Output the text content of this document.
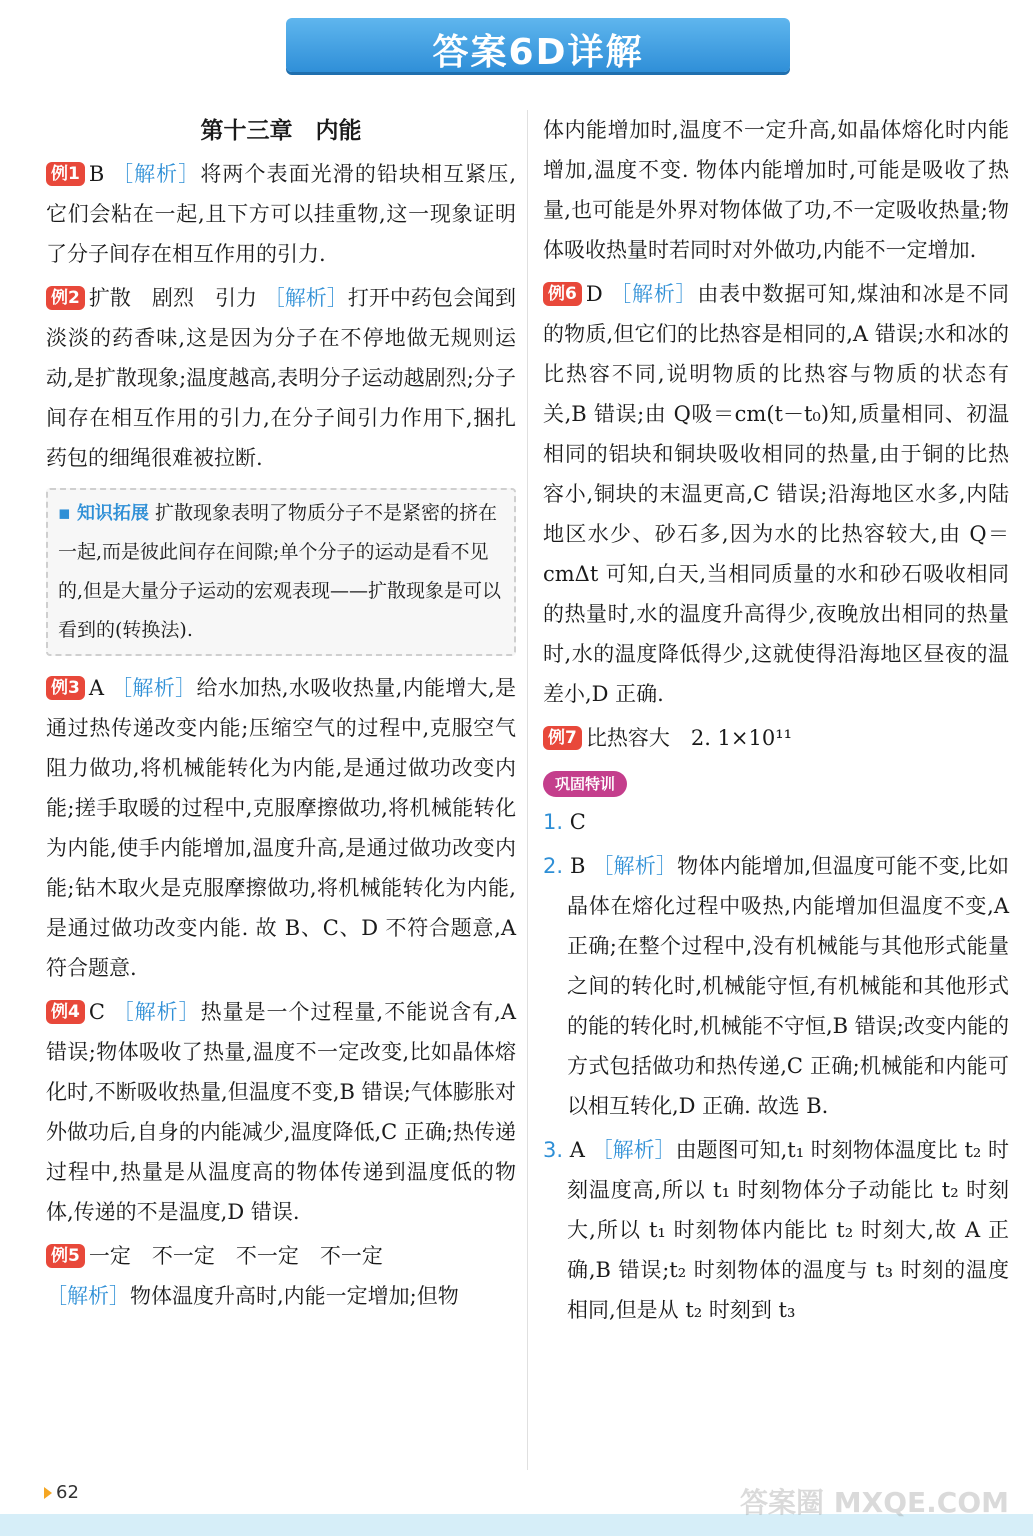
答案6D详解
第十三章　内能

例1 B ［解析］将两个表面光滑的铅块相互紧压,它们会粘在一起,且下方可以挂重物,这一现象证明了分子间存在相互作用的引力.

例2 扩散　剧烈　引力 ［解析］打开中药包会闻到淡淡的药香味,这是因为分子在不停地做无规则运动,是扩散现象;温度越高,表明分子运动越剧烈;分子间存在相互作用的引力,在分子间引力作用下,捆扎药包的细绳很难被拉断.

▪ 知识拓展 扩散现象表明了物质分子不是紧密的挤在一起,而是彼此间存在间隙;单个分子的运动是看不见的,但是大量分子运动的宏观表现——扩散现象是可以看到的(转换法).

例3 A ［解析］给水加热,水吸收热量,内能增大,是通过热传递改变内能;压缩空气的过程中,克服空气阻力做功,将机械能转化为内能,是通过做功改变内能;搓手取暖的过程中,克服摩擦做功,将机械能转化为内能,使手内能增加,温度升高,是通过做功改变内能;钻木取火是克服摩擦做功,将机械能转化为内能,是通过做功改变内能. 故 B、C、D 不符合题意,A 符合题意.

例4 C ［解析］热量是一个过程量,不能说含有,A 错误;物体吸收了热量,温度不一定改变,比如晶体熔化时,不断吸收热量,但温度不变,B 错误;气体膨胀对外做功后,自身的内能减少,温度降低,C 正确;热传递过程中,热量是从温度高的物体传递到温度低的物体,传递的不是温度,D 错误.

例5 一定　不一定　不一定　不一定
［解析］物体温度升高时,内能一定增加;但物

体内能增加时,温度不一定升高,如晶体熔化时内能增加,温度不变. 物体内能增加时,可能是吸收了热量,也可能是外界对物体做了功,不一定吸收热量;物体吸收热量时若同时对外做功,内能不一定增加.

例6 D ［解析］由表中数据可知,煤油和冰是不同的物质,但它们的比热容是相同的,A 错误;水和冰的比热容不同,说明物质的比热容与物质的状态有关,B 错误;由 Q吸＝cm(t－t₀)知,质量相同、初温相同的铝块和铜块吸收相同的热量,由于铜的比热容小,铜块的末温更高,C 错误;沿海地区水多,内陆地区水少、砂石多,因为水的比热容较大,由 Q＝cmΔt 可知,白天,当相同质量的水和砂石吸收相同的热量时,水的温度升高得少,夜晚放出相同的热量时,水的温度降低得少,这就使得沿海地区昼夜的温差小,D 正确.

例7 比热容大　2. 1×10¹¹

巩固特训

1. C

2. B ［解析］物体内能增加,但温度可能不变,比如晶体在熔化过程中吸热,内能增加但温度不变,A 正确;在整个过程中,没有机械能与其他形式能量之间的转化时,机械能守恒,有机械能和其他形式的能的转化时,机械能不守恒,B 错误;改变内能的方式包括做功和热传递,C 正确;机械能和内能可以相互转化,D 正确. 故选 B.

3. A ［解析］由题图可知,t₁ 时刻物体温度比 t₂ 时刻温度高,所以 t₁ 时刻物体分子动能比 t₂ 时刻大,所以 t₁ 时刻物体内能比 t₂ 时刻大,故 A 正确,B 错误;t₂ 时刻物体的温度与 t₃ 时刻的温度相同,但是从 t₂ 时刻到 t₃

62	答案圈 MXQE.COM
